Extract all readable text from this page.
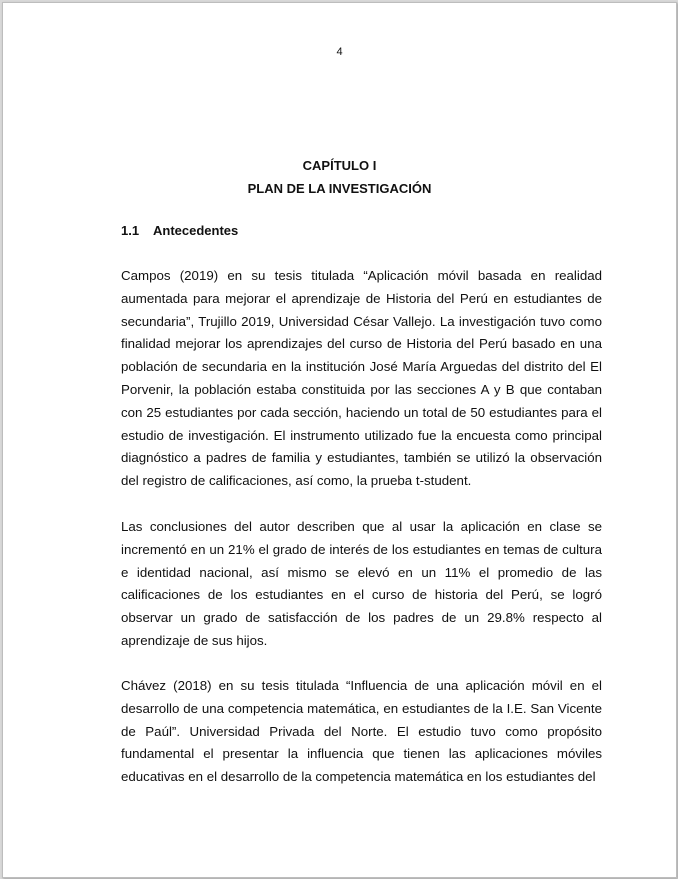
4
CAPÍTULO I
PLAN DE LA INVESTIGACIÓN
1.1 Antecedentes

Campos (2019) en su tesis titulada “Aplicación móvil basada en realidad aumentada para mejorar el aprendizaje de Historia del Perú en estudiantes de secundaria”, Trujillo 2019, Universidad César Vallejo. La investigación tuvo como finalidad mejorar los aprendizajes del curso de Historia del Perú basado en una población de secundaria en la institución José María Arguedas del distrito del El Porvenir, la población estaba constituida por las secciones A y B que contaban con 25 estudiantes por cada sección, haciendo un total de 50 estudiantes para el estudio de investigación. El instrumento utilizado fue la encuesta como principal diagnóstico a padres de familia y estudiantes, también se utilizó la observación del registro de calificaciones, así como, la prueba t-student.

Las conclusiones del autor describen que al usar la aplicación en clase se incrementó en un 21% el grado de interés de los estudiantes en temas de cultura e identidad nacional, así mismo se elevó en un 11% el promedio de las calificaciones de los estudiantes en el curso de historia del Perú, se logró observar un grado de satisfacción de los padres de un 29.8% respecto al aprendizaje de sus hijos.

Chávez (2018) en su tesis titulada “Influencia de una aplicación móvil en el desarrollo de una competencia matemática, en estudiantes de la I.E. San Vicente de Paúl”. Universidad Privada del Norte. El estudio tuvo como propósito fundamental el presentar la influencia que tienen las aplicaciones móviles educativas en el desarrollo de la competencia matemática en los estudiantes del
